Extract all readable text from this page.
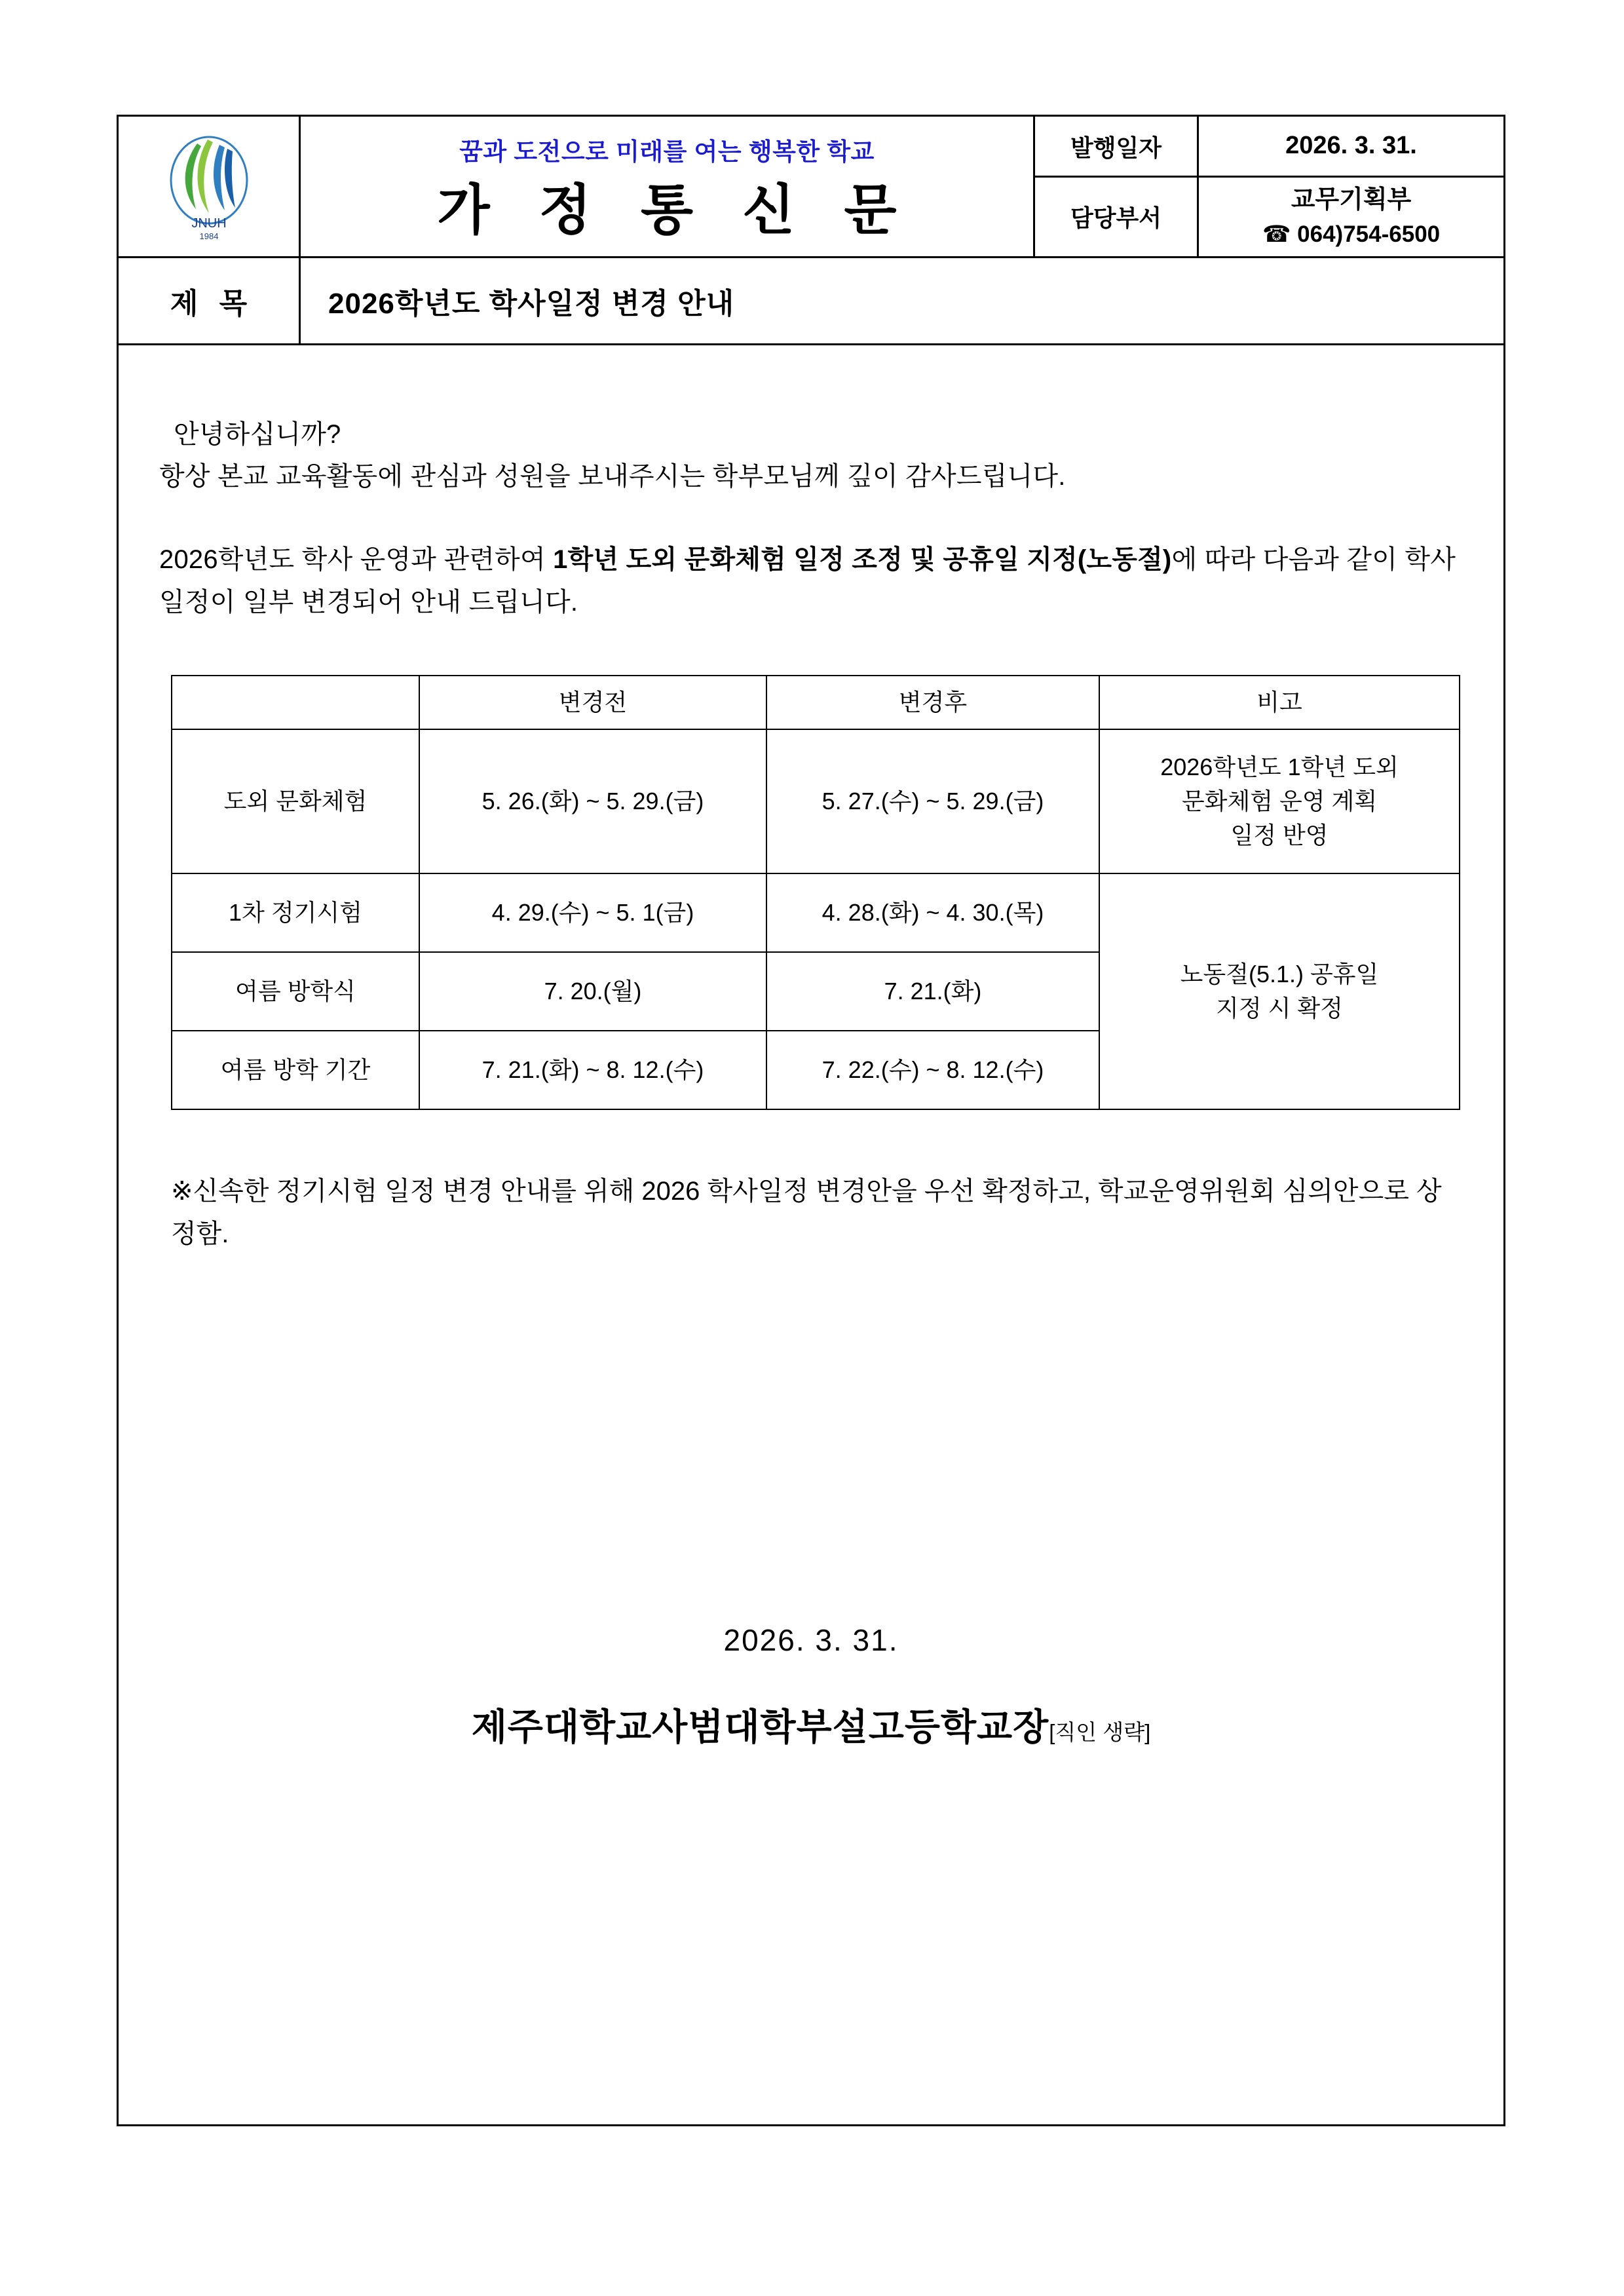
JNUH
1984
꿈과 도전으로 미래를 여는 행복한 학교
가 정 통 신 문
발행일자	2026. 3. 31.
담당부서
교무기획부
☎ 064)754-6500
제 목	2026학년도 학사일정 변경 안내
안녕하십니까?
항상 본교 교육활동에 관심과 성원을 보내주시는 학부모님께 깊이 감사드립니다.
2026학년도 학사 운영과 관련하여 1학년 도외 문화체험 일정 조정 및 공휴일 지정(노동절)에 따라 다음과 같이 학사일정이 일부 변경되어 안내 드립니다.
	변경전	변경후	비고
도외 문화체험	5. 26.(화) ~ 5. 29.(금)	5. 27.(수) ~ 5. 29.(금)	2026학년도 1학년 도외
문화체험 운영 계획
일정 반영
1차 정기시험	4. 29.(수) ~ 5. 1(금)	4. 28.(화) ~ 4. 30.(목)	노동절(5.1.) 공휴일
지정 시 확정
여름 방학식	7. 20.(월)	7. 21.(화)	
여름 방학 기간	7. 21.(화) ~ 8. 12.(수)	7. 22.(수) ~ 8. 12.(수)	
※신속한 정기시험 일정 변경 안내를 위해 2026 학사일정 변경안을 우선 확정하고, 학교운영위원회 심의안으로 상정함.
2026. 3. 31.
제주대학교사범대학부설고등학교장[직인 생략]
